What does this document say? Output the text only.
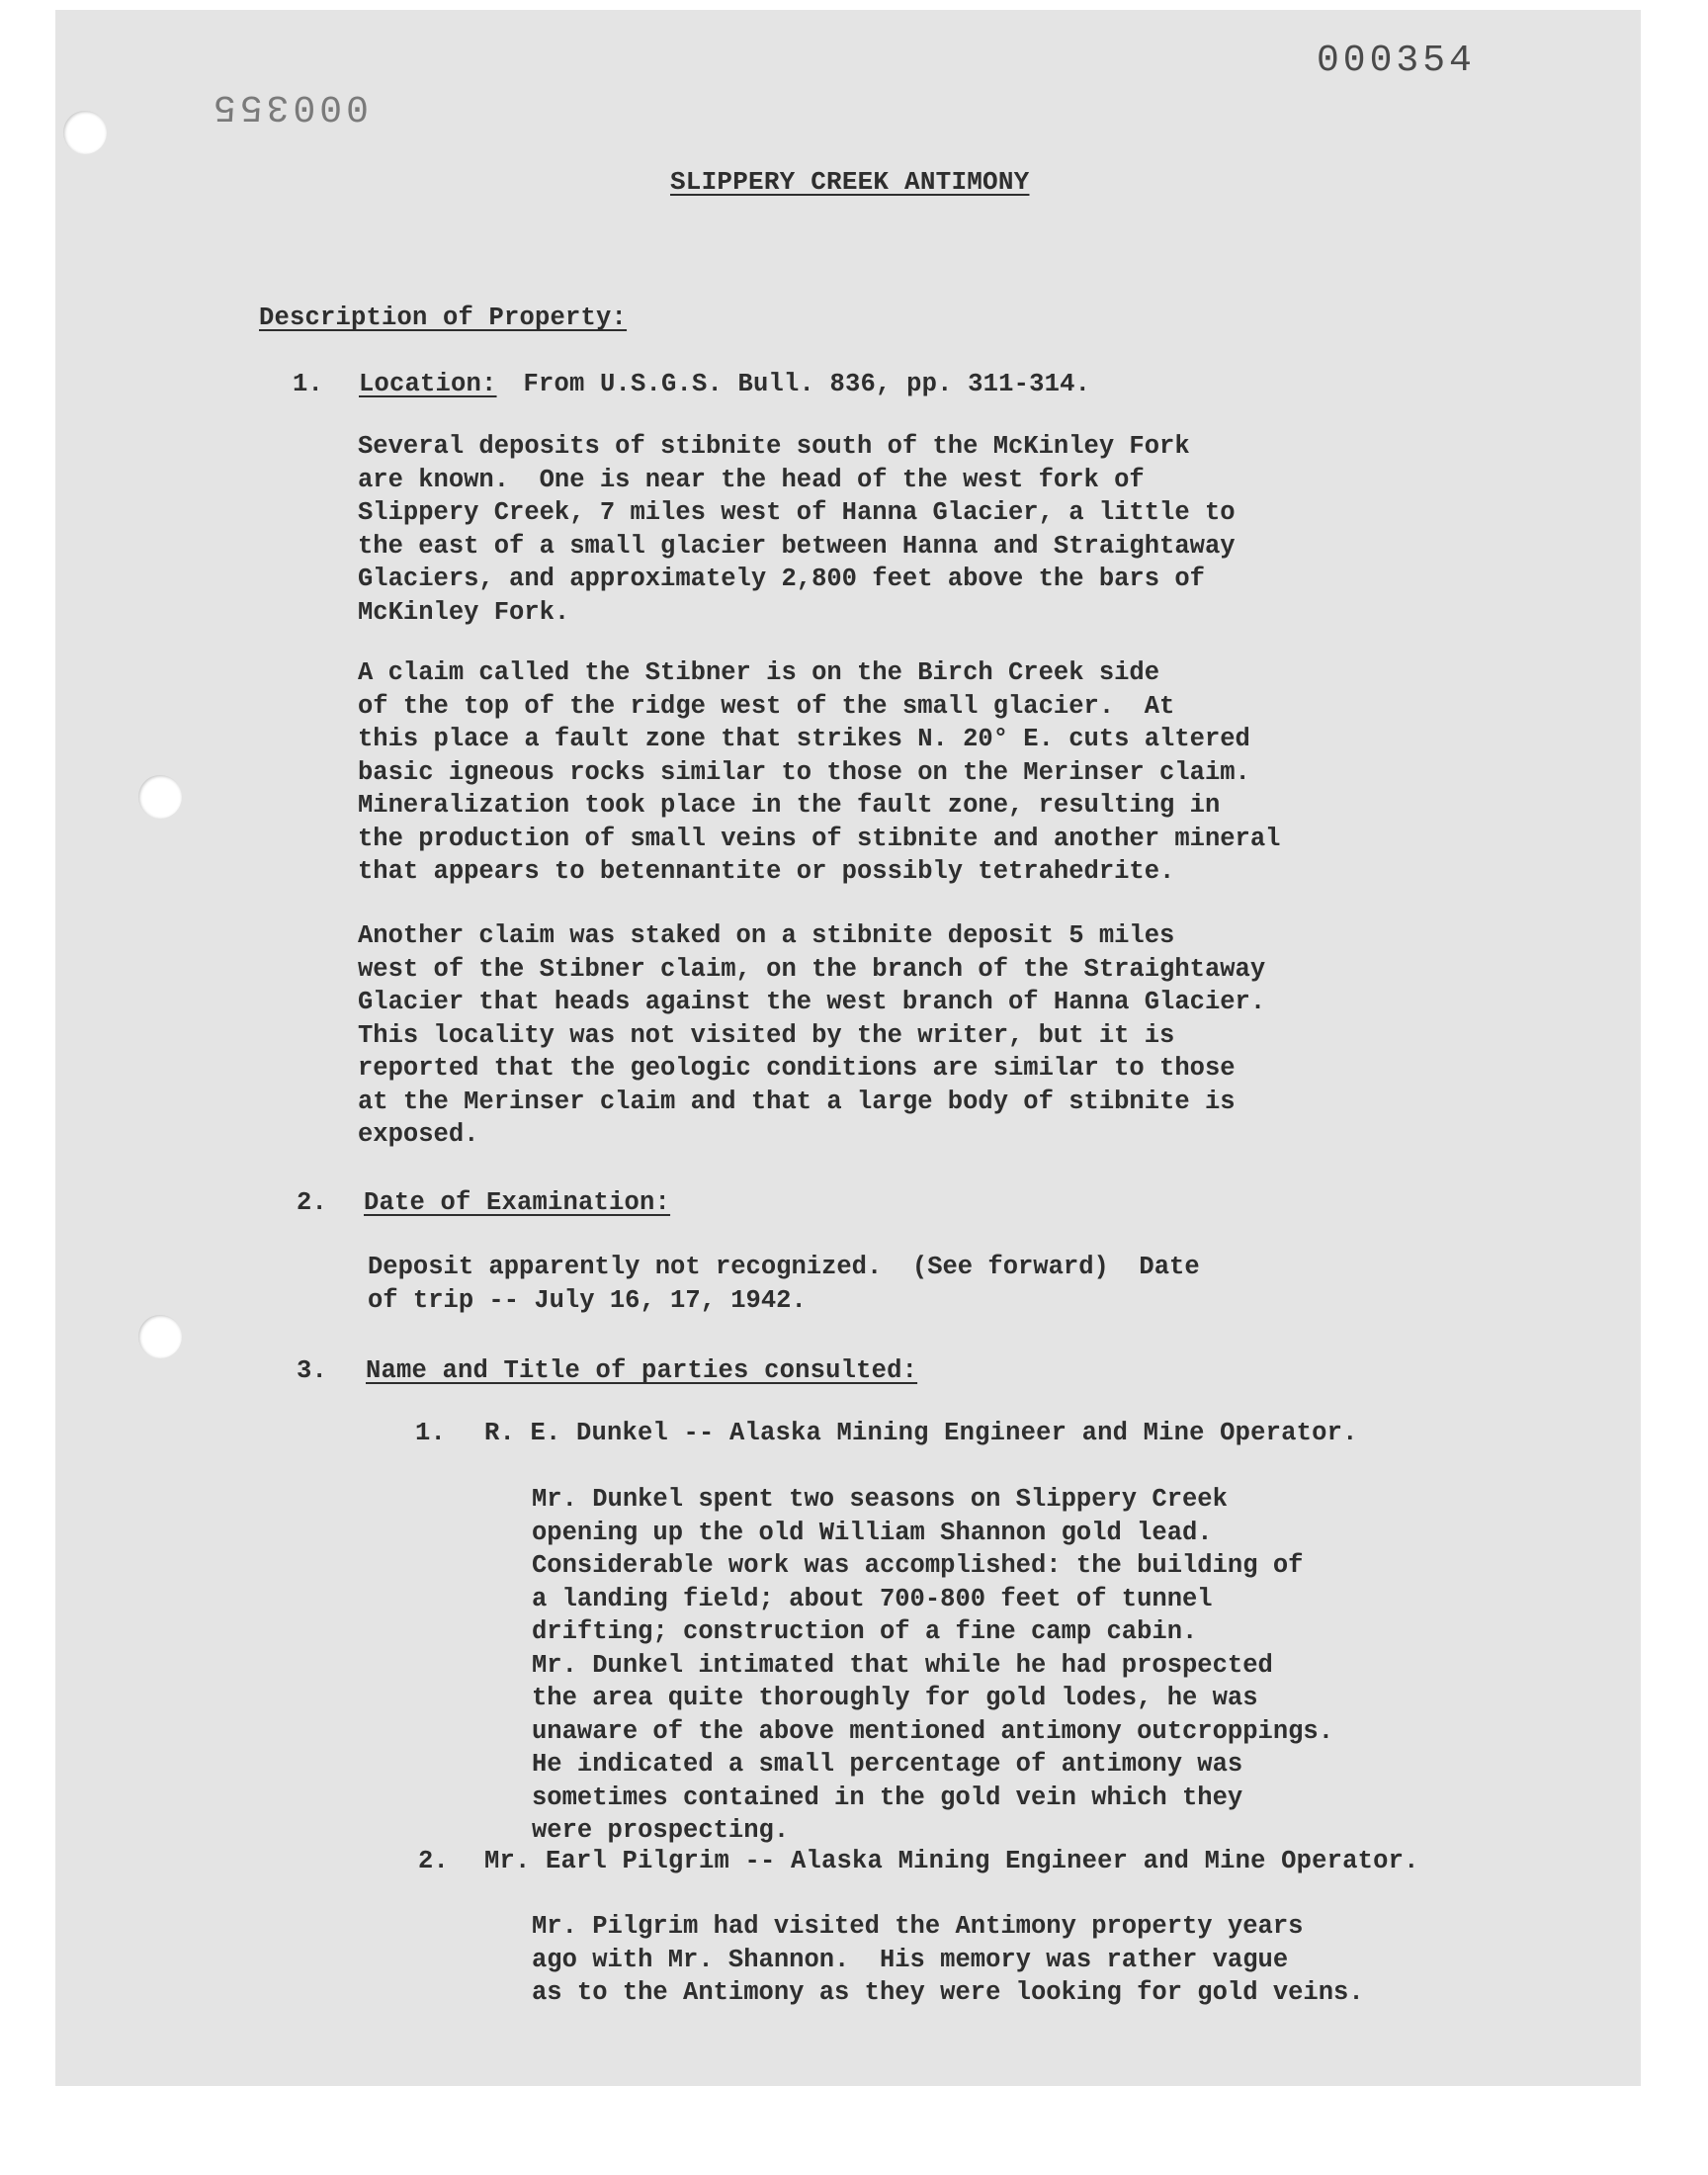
000354
000355
SLIPPERY CREEK ANTIMONY
Description of Property:
1. Location: From U.S.G.S. Bull. 836, pp. 311-314.
Several deposits of stibnite south of the McKinley Fork
are known.  One is near the head of the west fork of
Slippery Creek, 7 miles west of Hanna Glacier, a little to
the east of a small glacier between Hanna and Straightaway
Glaciers, and approximately 2,800 feet above the bars of
McKinley Fork.
A claim called the Stibner is on the Birch Creek side
of the top of the ridge west of the small glacier.  At
this place a fault zone that strikes N. 20° E. cuts altered
basic igneous rocks similar to those on the Merinser claim.
Mineralization took place in the fault zone, resulting in
the production of small veins of stibnite and another mineral
that appears to betennantite or possibly tetrahedrite.
Another claim was staked on a stibnite deposit 5 miles
west of the Stibner claim, on the branch of the Straightaway
Glacier that heads against the west branch of Hanna Glacier.
This locality was not visited by the writer, but it is
reported that the geologic conditions are similar to those
at the Merinser claim and that a large body of stibnite is
exposed.
2. Date of Examination:
Deposit apparently not recognized.  (See forward)  Date
of trip -- July 16, 17, 1942.
3. Name and Title of parties consulted:
1. R. E. Dunkel -- Alaska Mining Engineer and Mine Operator.
Mr. Dunkel spent two seasons on Slippery Creek
opening up the old William Shannon gold lead.
Considerable work was accomplished: the building of
a landing field; about 700-800 feet of tunnel
drifting; construction of a fine camp cabin.
Mr. Dunkel intimated that while he had prospected
the area quite thoroughly for gold lodes, he was
unaware of the above mentioned antimony outcroppings.
He indicated a small percentage of antimony was
sometimes contained in the gold vein which they
were prospecting.
2. Mr. Earl Pilgrim -- Alaska Mining Engineer and Mine Operator.
Mr. Pilgrim had visited the Antimony property years
ago with Mr. Shannon.  His memory was rather vague
as to the Antimony as they were looking for gold veins.
